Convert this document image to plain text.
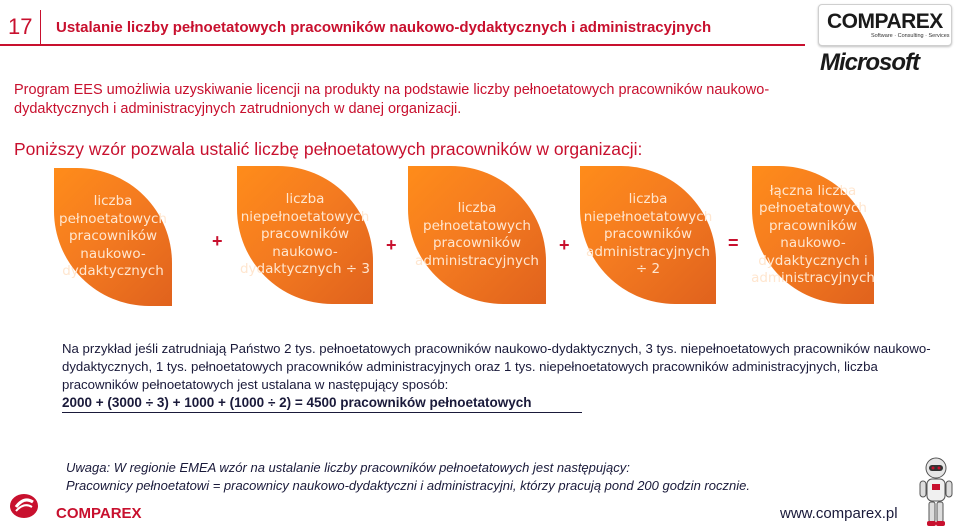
17 Ustalanie liczby pełnoetatowych pracowników naukowo-dydaktycznych i administracyjnych	COMPAREX
Software · Consulting · Services
Microsoft
Program EES umożliwia uzyskiwanie licencji na produkty na podstawie liczby pełnoetatowych pracowników naukowo-dydaktycznych i administracyjnych zatrudnionych w danej organizacji.
Poniższy wzór pozwala ustalić liczbę pełnoetatowych pracowników w organizacji:
liczba
pełnoetatowych
pracowników
naukowo-
dydaktycznych
+
liczba
niepełnoetatowych
pracowników
naukowo-
dydaktycznych ÷ 3
+
liczba
pełnoetatowych
pracowników
administracyjnych
+
liczba
niepełnoetatowych
pracowników
administracyjnych
÷ 2
=
łączna liczba
pełnoetatowych
pracowników
naukowo-
dydaktycznych i
administracyjnych
Na przykład jeśli zatrudniają Państwo 2 tys. pełnoetatowych pracowników naukowo-dydaktycznych, 3 tys. niepełnoetatowych pracowników naukowo-dydaktycznych, 1 tys. pełnoetatowych pracowników administracyjnych oraz 1 tys. niepełnoetatowych pracowników administracyjnych, liczba pracowników pełnoetatowych jest ustalana w następujący sposób:
2000 + (3000 ÷ 3) + 1000 + (1000 ÷ 2) = 4500 pracowników pełnoetatowych
Uwaga: W regionie EMEA wzór na ustalanie liczby pracowników pełnoetatowych jest następujący:
Pracownicy pełnoetatowi = pracownicy naukowo-dydaktyczni i administracyjni, którzy pracują pond 200 godzin rocznie.
COMPAREX	www.comparex.pl
